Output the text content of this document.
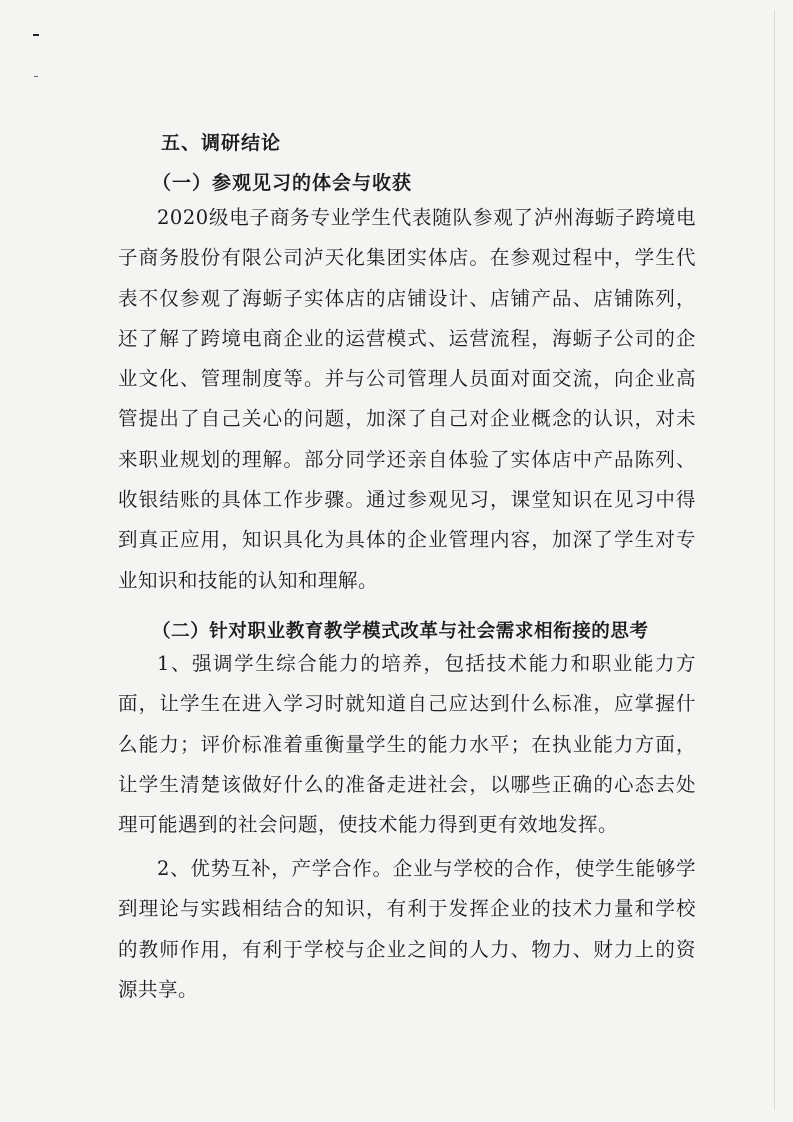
五、调研结论
（一）参观见习的体会与收获

2020级电子商务专业学生代表随队参观了泸州海蛎子跨境电子商务股份有限公司泸天化集团实体店。在参观过程中，学生代表不仅参观了海蛎子实体店的店铺设计、店铺产品、店铺陈列，还了解了跨境电商企业的运营模式、运营流程，海蛎子公司的企业文化、管理制度等。并与公司管理人员面对面交流，向企业高管提出了自己关心的问题，加深了自己对企业概念的认识，对未来职业规划的理解。部分同学还亲自体验了实体店中产品陈列、收银结账的具体工作步骤。通过参观见习，课堂知识在见习中得到真正应用，知识具化为具体的企业管理内容，加深了学生对专业知识和技能的认知和理解。

（二）针对职业教育教学模式改革与社会需求相衔接的思考

1、强调学生综合能力的培养，包括技术能力和职业能力方面，让学生在进入学习时就知道自己应达到什么标准，应掌握什么能力；评价标准着重衡量学生的能力水平；在执业能力方面，让学生清楚该做好什么的准备走进社会，以哪些正确的心态去处理可能遇到的社会问题，使技术能力得到更有效地发挥。

2、优势互补，产学合作。企业与学校的合作，使学生能够学到理论与实践相结合的知识，有利于发挥企业的技术力量和学校的教师作用，有利于学校与企业之间的人力、物力、财力上的资源共享。
